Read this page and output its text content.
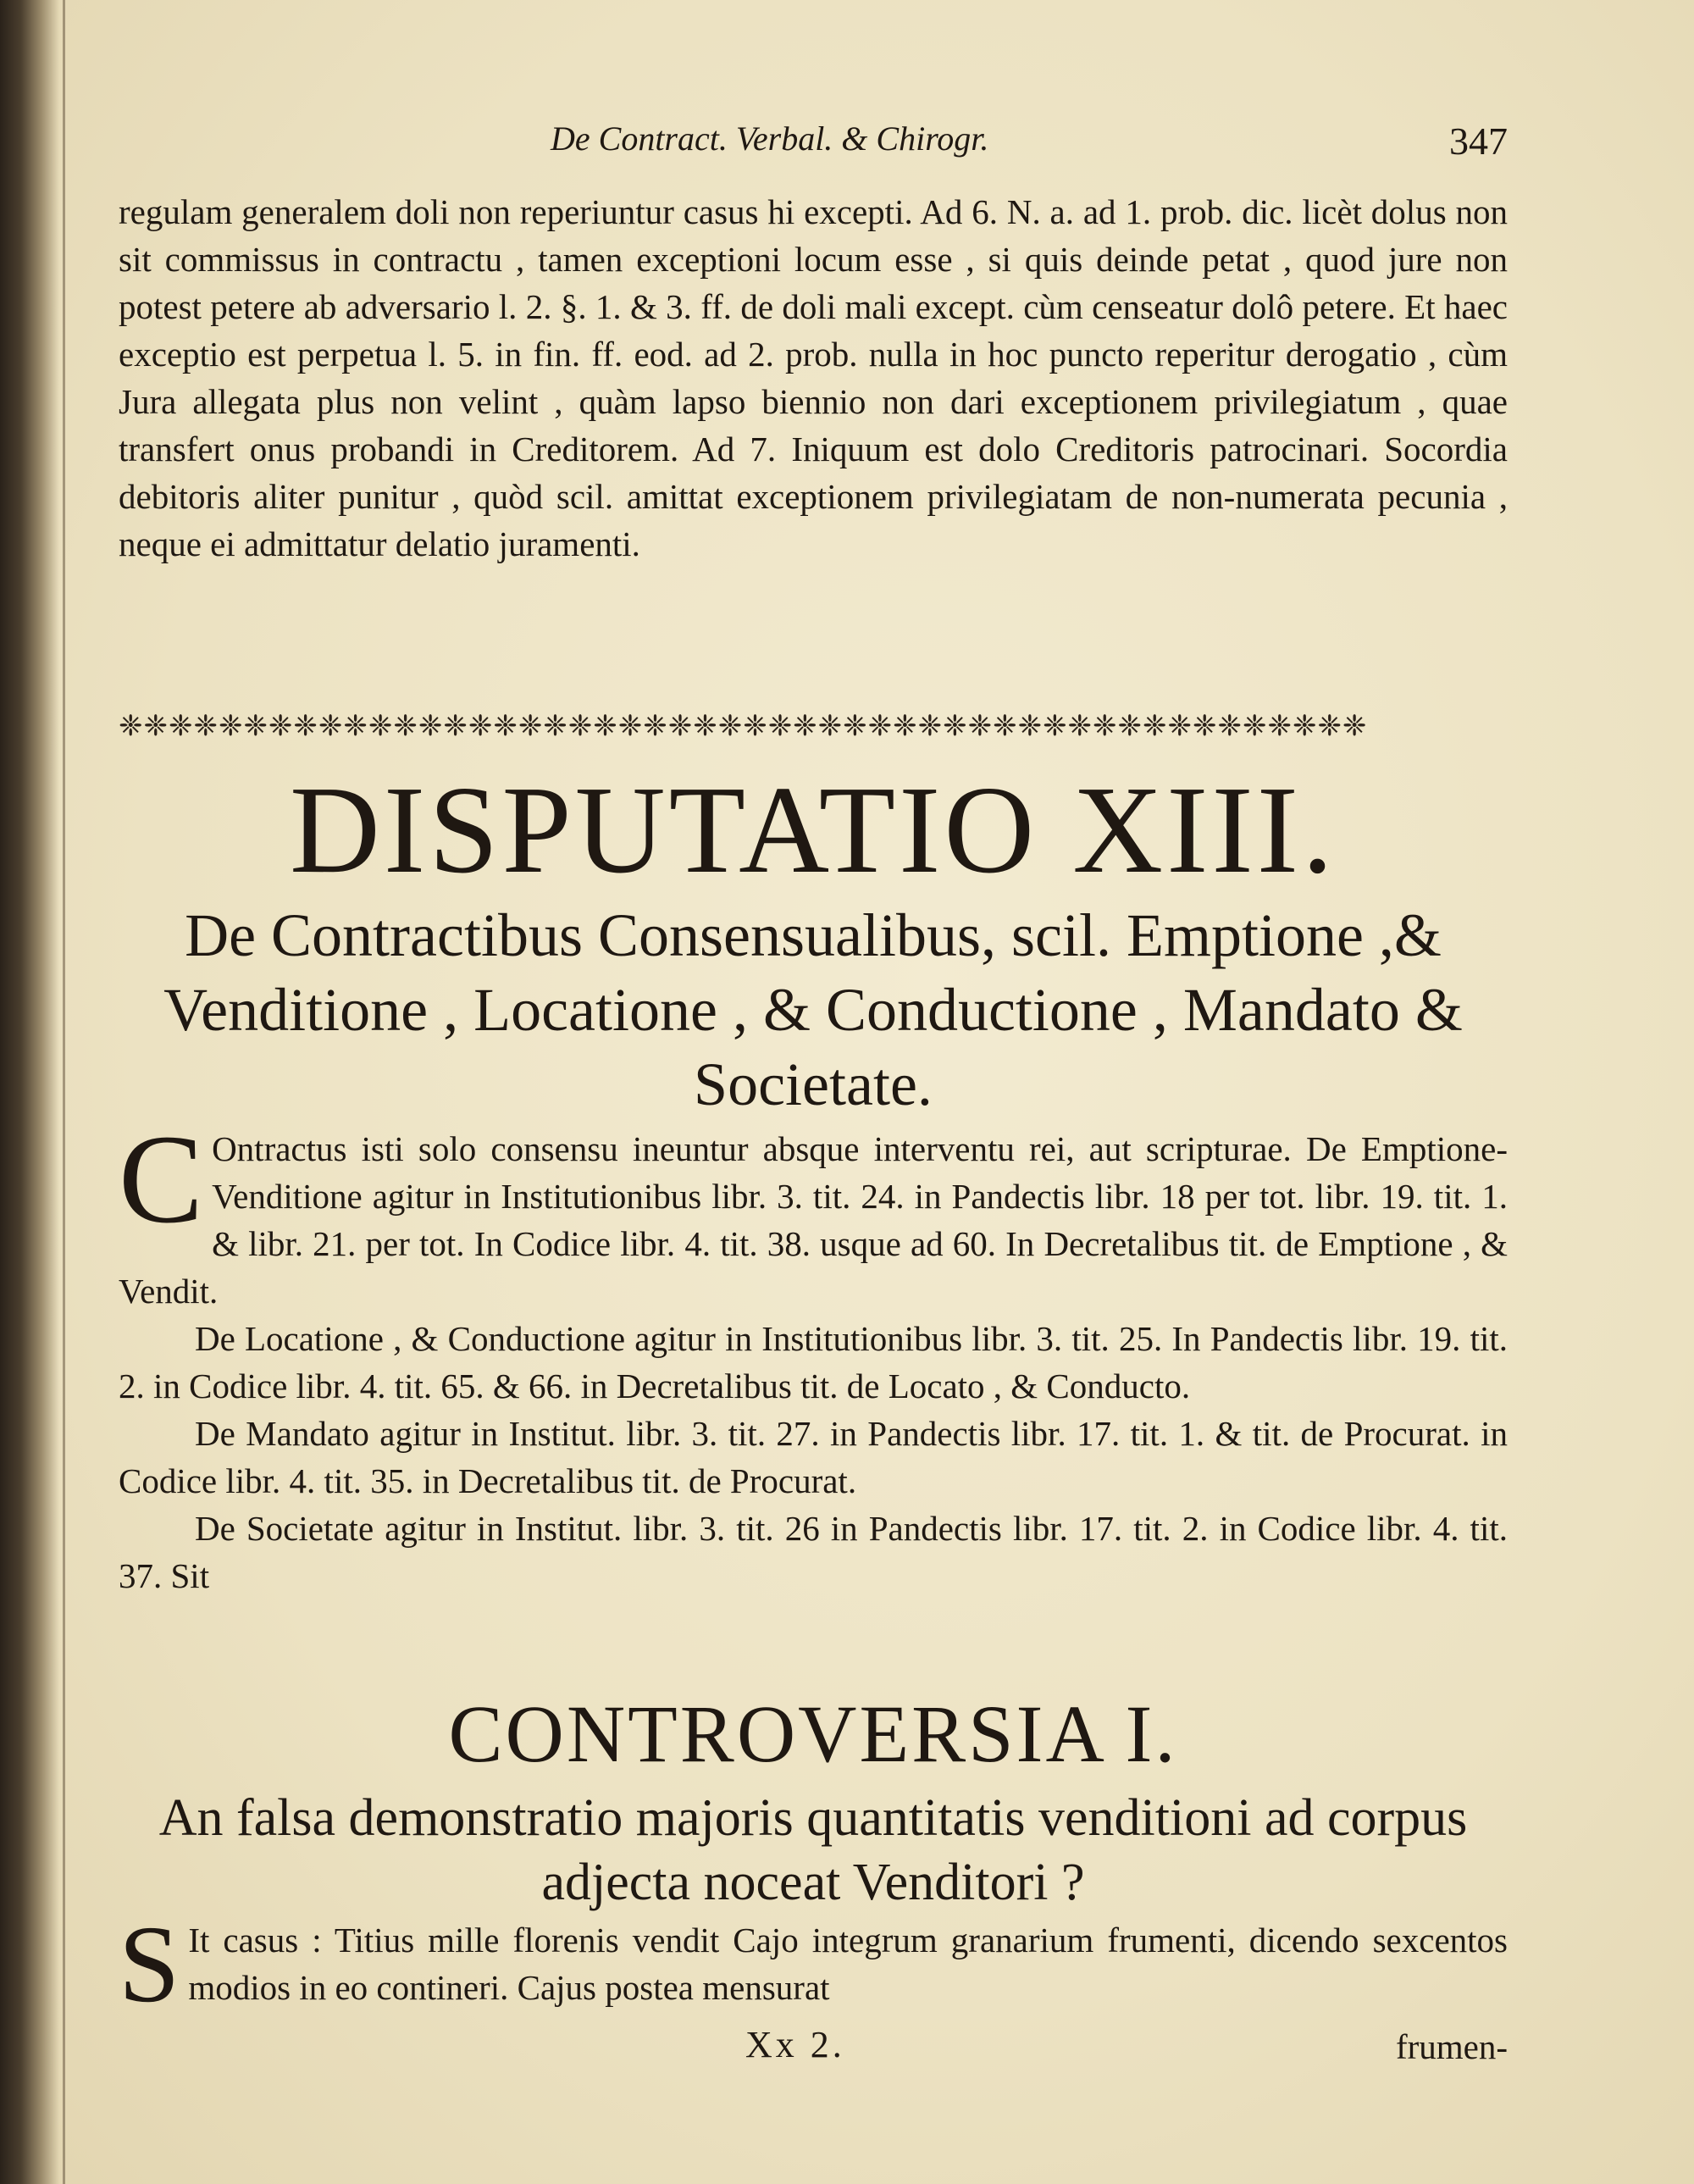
De Contract. Verbal. & Chirogr.	347

regulam generalem doli non reperiuntur casus hi excepti. Ad 6. N. a. ad 1. prob. dic. licèt dolus non sit commissus in contractu , tamen exceptioni locum esse , si quis deinde petat , quod jure non potest petere ab adversario l. 2. §. 1. & 3. ff. de doli mali except. cùm censeatur dolô petere. Et haec exceptio est perpetua l. 5. in fin. ff. eod. ad 2. prob. nulla in hoc puncto reperitur derogatio , cùm Jura allegata plus non velint , quàm lapso biennio non dari exceptionem privilegiatum , quae transfert onus probandi in Creditorem. Ad 7. Iniquum est dolo Creditoris patrocinari. Socordia debitoris aliter punitur , quòd scil. amittat exceptionem privilegiatam de non-numerata pecunia , neque ei admittatur delatio juramenti.

❈❈❈❈❈❈❈❈❈❈❈❈❈❈❈❈❈❈❈❈❈❈❈❈❈❈❈❈❈❈❈❈❈❈❈❈❈❈❈❈❈❈❈❈❈❈❈❈❈❈
DISPUTATIO XIII.
De Contractibus Consensualibus, scil. Emptione ,& Venditione , Locatione , & Conductione , Mandato & Societate.
C Ontractus isti solo consensu ineuntur absque interventu rei, aut scripturae. De Emptione-Venditione agitur in Institutionibus libr. 3. tit. 24. in Pandectis libr. 18 per tot. libr. 19. tit. 1. & libr. 21. per tot. In Codice libr. 4. tit. 38. usque ad 60. In Decretalibus tit. de Emptione , & Vendit.

De Locatione , & Conductione agitur in Institutionibus libr. 3. tit. 25. In Pandectis libr. 19. tit. 2. in Codice libr. 4. tit. 65. & 66. in Decretalibus tit. de Locato , & Conducto.

De Mandato agitur in Institut. libr. 3. tit. 27. in Pandectis libr. 17. tit. 1. & tit. de Procurat. in Codice libr. 4. tit. 35. in Decretalibus tit. de Procurat.

De Societate agitur in Institut. libr. 3. tit. 26 in Pandectis libr. 17. tit. 2. in Codice libr. 4. tit. 37. Sit

CONTROVERSIA I.
An falsa demonstratio majoris quantitatis venditioni ad corpus adjecta noceat Venditori ?
S It casus : Titius mille florenis vendit Cajo integrum granarium frumenti, dicendo sexcentos modios in eo contineri. Cajus postea mensurat

Xx 2.	frumen-
